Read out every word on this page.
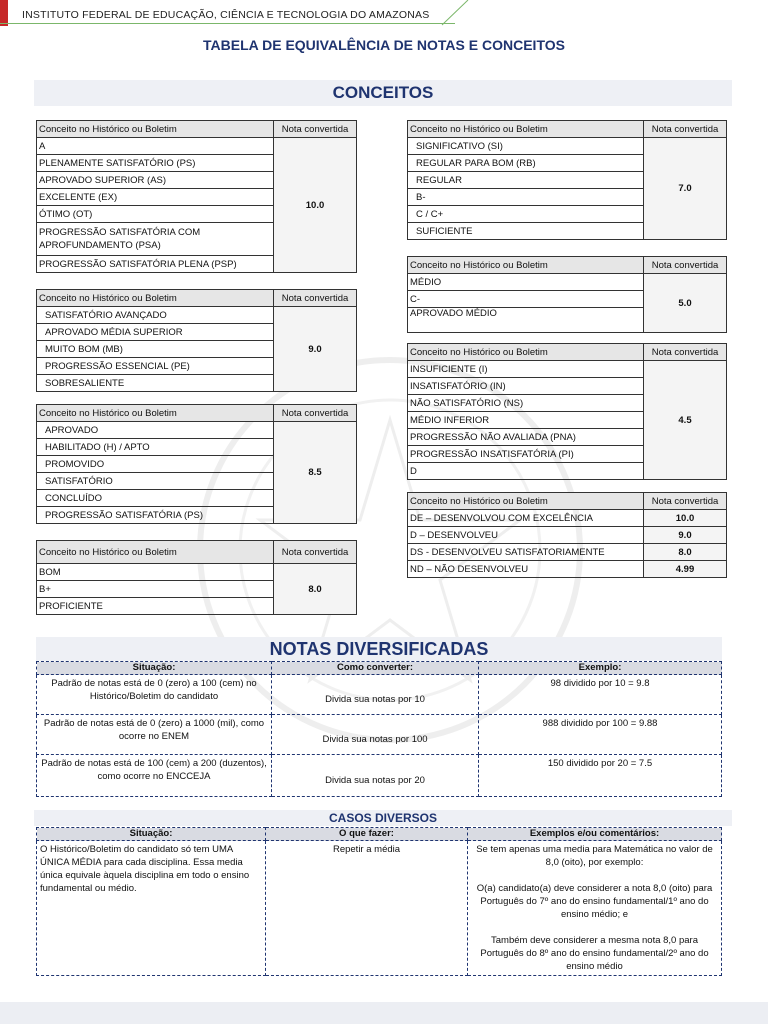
INSTITUTO FEDERAL DE EDUCAÇÃO, CIÊNCIA E TECNOLOGIA DO AMAZONAS
TABELA DE EQUIVALÊNCIA DE NOTAS E CONCEITOS
CONCEITOS
Conceito no Histórico ou Boletim	Nota convertida
A	10.0
PLENAMENTE SATISFATÓRIO (PS)	
APROVADO SUPERIOR (AS)	
EXCELENTE (EX)	
ÓTIMO (OT)	
PROGRESSÃO SATISFATÓRIA COM APROFUNDAMENTO (PSA)	
PROGRESSÃO SATISFATÓRIA PLENA (PSP)	
Conceito no Histórico ou Boletim	Nota convertida
SATISFATÓRIO AVANÇADO	9.0
APROVADO MÉDIA SUPERIOR	
MUITO BOM (MB)	
PROGRESSÃO ESSENCIAL (PE)	
SOBRESALIENTE	
Conceito no Histórico ou Boletim	Nota convertida
APROVADO	8.5
HABILITADO (H) / APTO	
PROMOVIDO	
SATISFATÓRIO	
CONCLUÍDO	
PROGRESSÃO SATISFATÓRIA (PS)	
Conceito no Histórico ou Boletim	Nota convertida
BOM	8.0
B+	
PROFICIENTE	
Conceito no Histórico ou Boletim	Nota convertida
SIGNIFICATIVO (SI)	7.0
REGULAR PARA BOM (RB)	
REGULAR	
B-	
C / C+	
SUFICIENTE	
Conceito no Histórico ou Boletim	Nota convertida
MÉDIO	5.0
C-	
APROVADO MÉDIO	
Conceito no Histórico ou Boletim	Nota convertida
INSUFICIENTE (I)	4.5
INSATISFATÓRIO (IN)	
NÃO SATISFATÓRIO (NS)	
MÉDIO INFERIOR	
PROGRESSÃO NÃO AVALIADA (PNA)	
PROGRESSÃO INSATISFATÓRIA (PI)	
D	
Conceito no Histórico ou Boletim	Nota convertida
DE – DESENVOLVOU COM EXCELÊNCIA	10.0
D – DESENVOLVEU	9.0
DS - DESENVOLVEU SATISFATORIAMENTE	8.0
ND – NÃO DESENVOLVEU	4.99
NOTAS DIVERSIFICADAS
Situação:	Como converter:	Exemplo:
Padrão de notas está de 0 (zero) a 100 (cem) no Histórico/Boletim do candidato	Divida sua notas por 10	98 dividido por 10 = 9.8
Padrão de notas está de 0 (zero) a 1000 (mil), como ocorre no ENEM	Divida sua notas por 100	988 dividido por 100 = 9.88
Padrão de notas está de 100 (cem) a 200 (duzentos), como ocorre no ENCCEJA	Divida sua notas por 20	150 dividido por 20 = 7.5
CASOS DIVERSOS
Situação:	O que fazer:	Exemplos e/ou comentários:
O Histórico/Boletim do candidato só tem UMA ÚNICA MÉDIA para cada disciplina. Essa media única equivale àquela disciplina em todo o ensino fundamental ou médio.	Repetir a média	Se tem apenas uma media para Matemática no valor de 8,0 (oito), por exemplo:
O(a) candidato(a) deve considerer a nota 8,0 (oito) para Português do 7º ano do ensino fundamental/1º ano do ensino médio; e
Também deve considerer a mesma nota 8,0 para Português do 8º ano do ensino fundamental/2º ano do ensino médio
